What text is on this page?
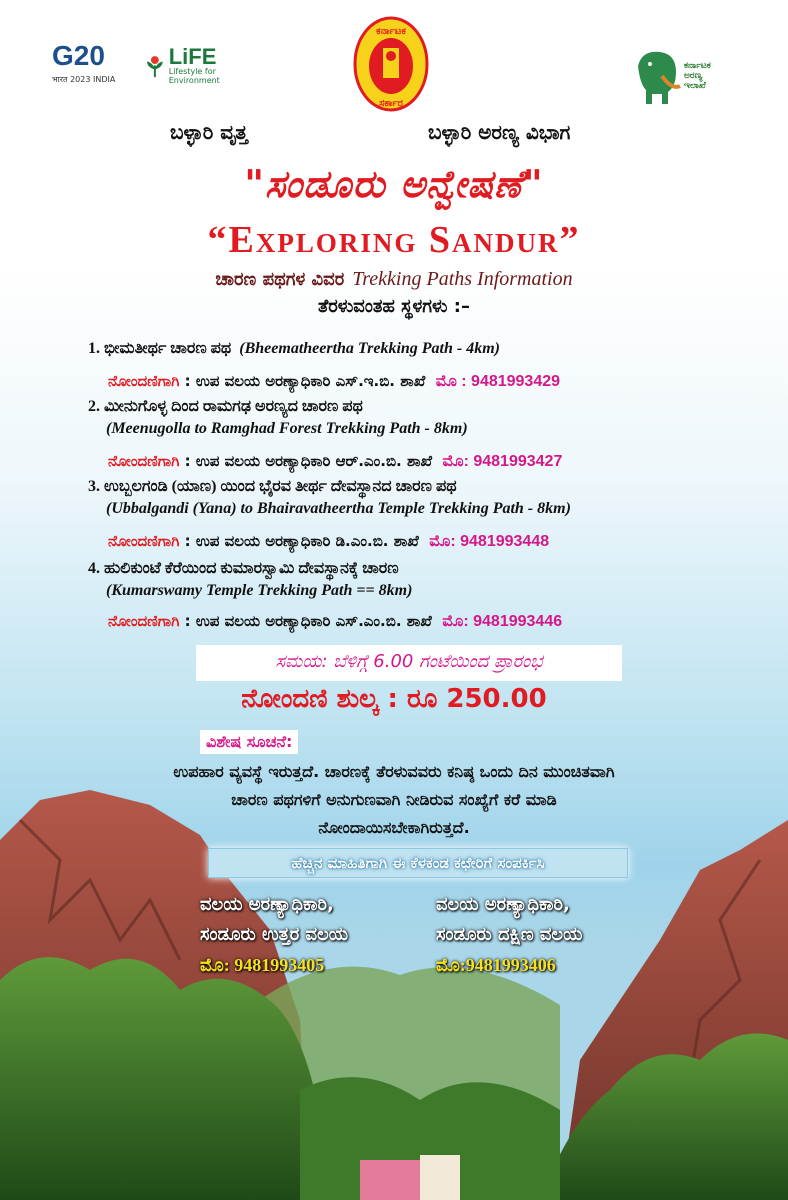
G20
भारत 2023 INDIA
LiFE
Lifestyle for Environment
ಕರ್ನಾಟಕ
ಸರ್ಕಾರ
ಕರ್ನಾಟಕ ಅರಣ್ಯ ಇಲಾಖೆ
ಬಳ್ಳಾರಿ ವೃತ್ತ	ಬಳ್ಳಾರಿ ಅರಣ್ಯ ವಿಭಾಗ
"ಸಂಡೂರು ಅನ್ವೇಷಣೆ"
“Exploring Sandur”
ಚಾರಣ ಪಥಗಳ ವಿವರ Trekking Paths Information
ತೆರಳುವಂತಹ ಸ್ಥಳಗಳು :–
1. ಭೀಮತೀರ್ಥ ಚಾರಣ ಪಥ (Bheematheertha Trekking Path - 4km)
ನೋಂದಣಿಗಾಗಿ : ಉಪ ವಲಯ ಅರಣ್ಯಾಧಿಕಾರಿ ಎಸ್.ಇ.ಬಿ. ಶಾಖೆ ಮೊ : 9481993429
2. ಮೀನುಗೊಳ್ಳ ದಿಂದ ರಾಮಗಢ ಅರಣ್ಯದ ಚಾರಣ ಪಥ
(Meenugolla to Ramghad Forest Trekking Path - 8km)
ನೋಂದಣಿಗಾಗಿ : ಉಪ ವಲಯ ಅರಣ್ಯಾಧಿಕಾರಿ ಆರ್.ಎಂ.ಬಿ. ಶಾಖೆ ಮೊ: 9481993427
3. ಉಬ್ಬಲಗಂಡಿ (ಯಾಣ) ಯಿಂದ ಭೈರವ ತೀರ್ಥ ದೇವಸ್ಥಾನದ ಚಾರಣ ಪಥ
(Ubbalgandi (Yana) to Bhairavatheertha Temple Trekking Path - 8km)
ನೋಂದಣಿಗಾಗಿ : ಉಪ ವಲಯ ಅರಣ್ಯಾಧಿಕಾರಿ ಡಿ.ಎಂ.ಬಿ. ಶಾಖೆ ಮೊ: 9481993448
4. ಹುಲಿಕುಂಟೆ ಕೆರೆಯಿಂದ ಕುಮಾರಸ್ವಾಮಿ ದೇವಸ್ಥಾನಕ್ಕೆ ಚಾರಣ
(Kumarswamy Temple Trekking Path == 8km)
ನೋಂದಣಿಗಾಗಿ : ಉಪ ವಲಯ ಅರಣ್ಯಾಧಿಕಾರಿ ಎಸ್.ಎಂ.ಬಿ. ಶಾಖೆ ಮೊ: 9481993446
ಸಮಯ: ಬೆಳಿಗ್ಗೆ 6.00 ಗಂಟೆಯಿಂದ ಪ್ರಾರಂಭ
ನೋಂದಣಿ ಶುಲ್ಕ : ರೂ 250.00
ವಿಶೇಷ ಸೂಚನೆ:
ಉಪಹಾರ ವ್ಯವಸ್ಥೆ ಇರುತ್ತದೆ. ಚಾರಣಕ್ಕೆ ತೆರಳುವವರು ಕನಿಷ್ಠ ಒಂದು ದಿನ ಮುಂಚಿತವಾಗಿ
ಚಾರಣ ಪಥಗಳಿಗೆ ಅನುಗುಣವಾಗಿ ನೀಡಿರುವ ಸಂಖ್ಯೆಗೆ ಕರೆ ಮಾಡಿ
ನೋಂದಾಯಿಸಬೇಕಾಗಿರುತ್ತದೆ.
ಹೆಚ್ಚಿನ ಮಾಹಿತಿಗಾಗಿ ಈ ಕೆಳಕಂಡ ಕಛೇರಿಗೆ ಸಂಪರ್ಕಿಸಿ
ವಲಯ ಅರಣ್ಯಾಧಿಕಾರಿ,
ಸಂಡೂರು ಉತ್ತರ ವಲಯ
ಮೊ: 9481993405
ವಲಯ ಅರಣ್ಯಾಧಿಕಾರಿ,
ಸಂಡೂರು ದಕ್ಷಿಣ ವಲಯ
ಮೊ:9481993406
